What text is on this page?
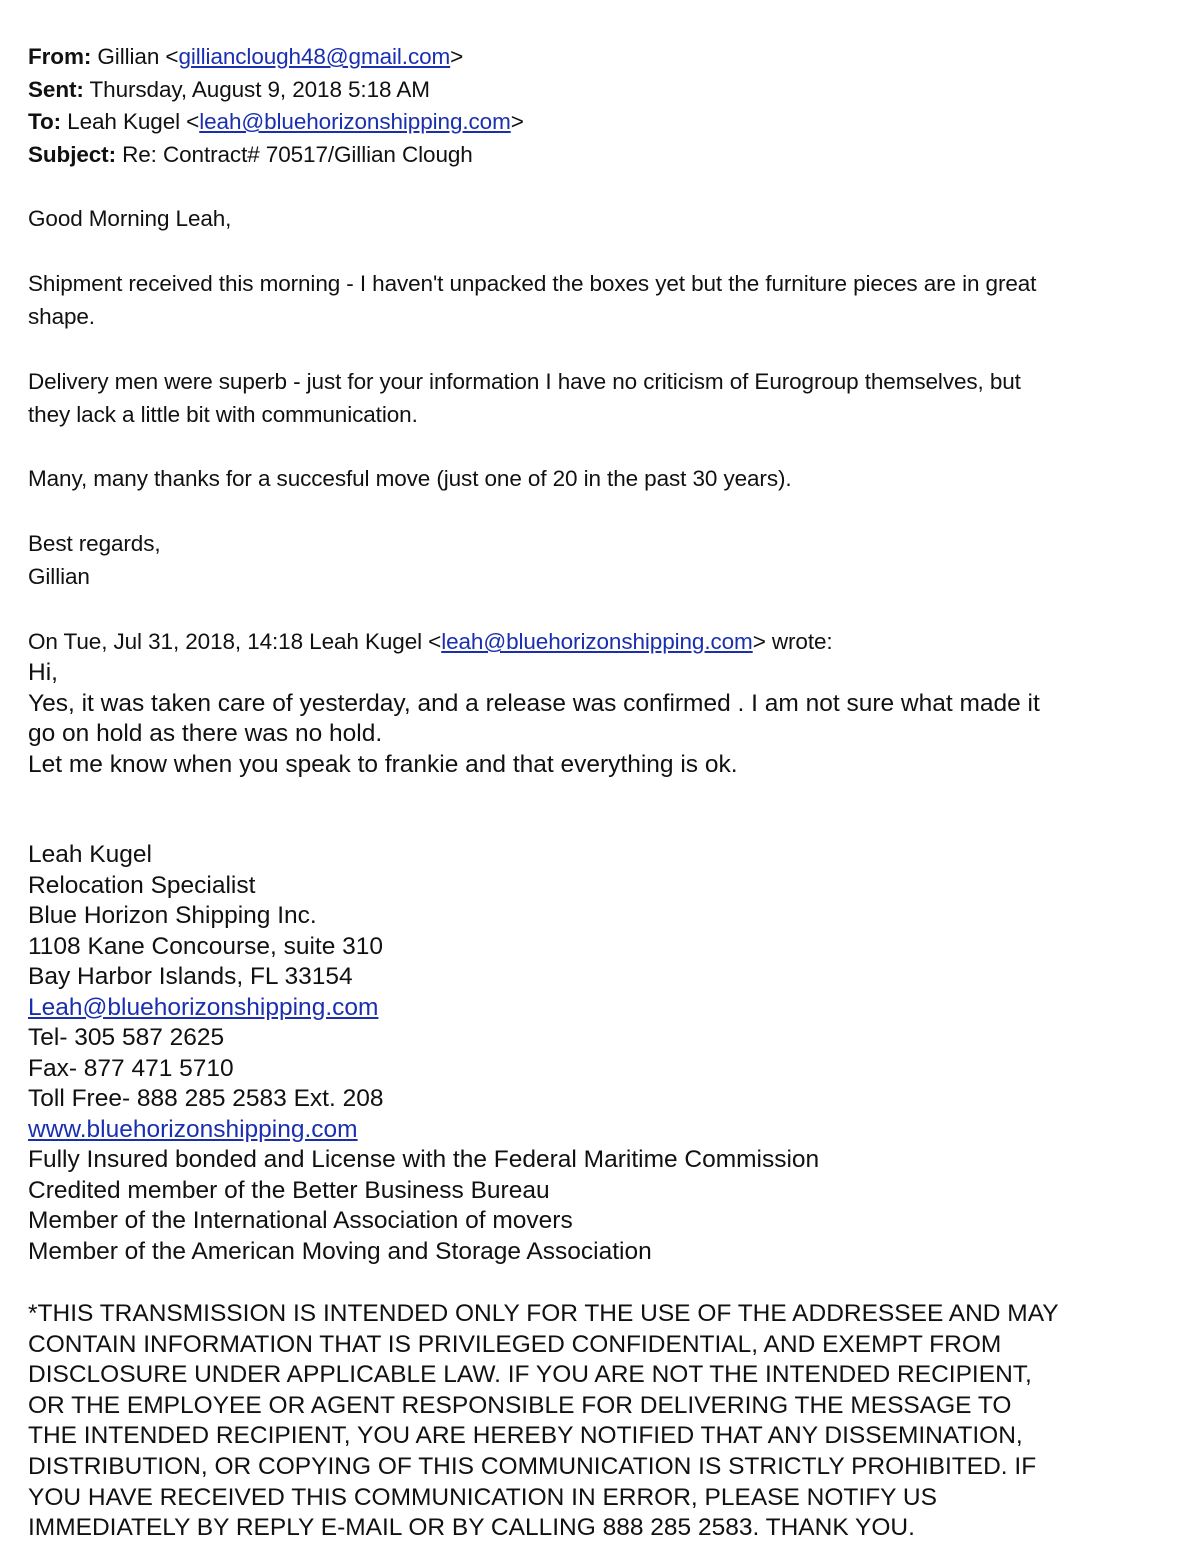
From: Gillian <gillianclough48@gmail.com>
Sent: Thursday, August 9, 2018 5:18 AM
To: Leah Kugel <leah@bluehorizonshipping.com>
Subject: Re: Contract# 70517/Gillian Clough
Good Morning Leah,
Shipment received this morning - I haven't unpacked the boxes yet but the furniture pieces are in great
shape.
Delivery men were superb - just for your information I have no criticism of Eurogroup themselves, but
they lack a little bit with communication.
Many, many thanks for a succesful move (just one of 20 in the past 30 years).
Best regards,
Gillian
On Tue, Jul 31, 2018, 14:18 Leah Kugel <leah@bluehorizonshipping.com> wrote:
Hi,
Yes, it was taken care of yesterday, and a release was confirmed . I am not sure what made it
go on hold as there was no hold.
Let me know when you speak to frankie and that everything is ok.
Leah Kugel
Relocation Specialist
Blue Horizon Shipping Inc.
1108 Kane Concourse, suite 310
Bay Harbor Islands, FL 33154
Leah@bluehorizonshipping.com
Tel- 305 587 2625
Fax- 877 471 5710
Toll Free- 888 285 2583 Ext. 208
www.bluehorizonshipping.com
Fully Insured bonded and License with the Federal Maritime Commission
Credited member of the Better Business Bureau
Member of the International Association of movers
Member of the American Moving and Storage Association
*THIS TRANSMISSION IS INTENDED ONLY FOR THE USE OF THE ADDRESSEE AND MAY
CONTAIN INFORMATION THAT IS PRIVILEGED CONFIDENTIAL, AND EXEMPT FROM
DISCLOSURE UNDER APPLICABLE LAW. IF YOU ARE NOT THE INTENDED RECIPIENT,
OR THE EMPLOYEE OR AGENT RESPONSIBLE FOR DELIVERING THE MESSAGE TO
THE INTENDED RECIPIENT, YOU ARE HEREBY NOTIFIED THAT ANY DISSEMINATION,
DISTRIBUTION, OR COPYING OF THIS COMMUNICATION IS STRICTLY PROHIBITED. IF
YOU HAVE RECEIVED THIS COMMUNICATION IN ERROR, PLEASE NOTIFY US
IMMEDIATELY BY REPLY E-MAIL OR BY CALLING 888 285 2583. THANK YOU.
